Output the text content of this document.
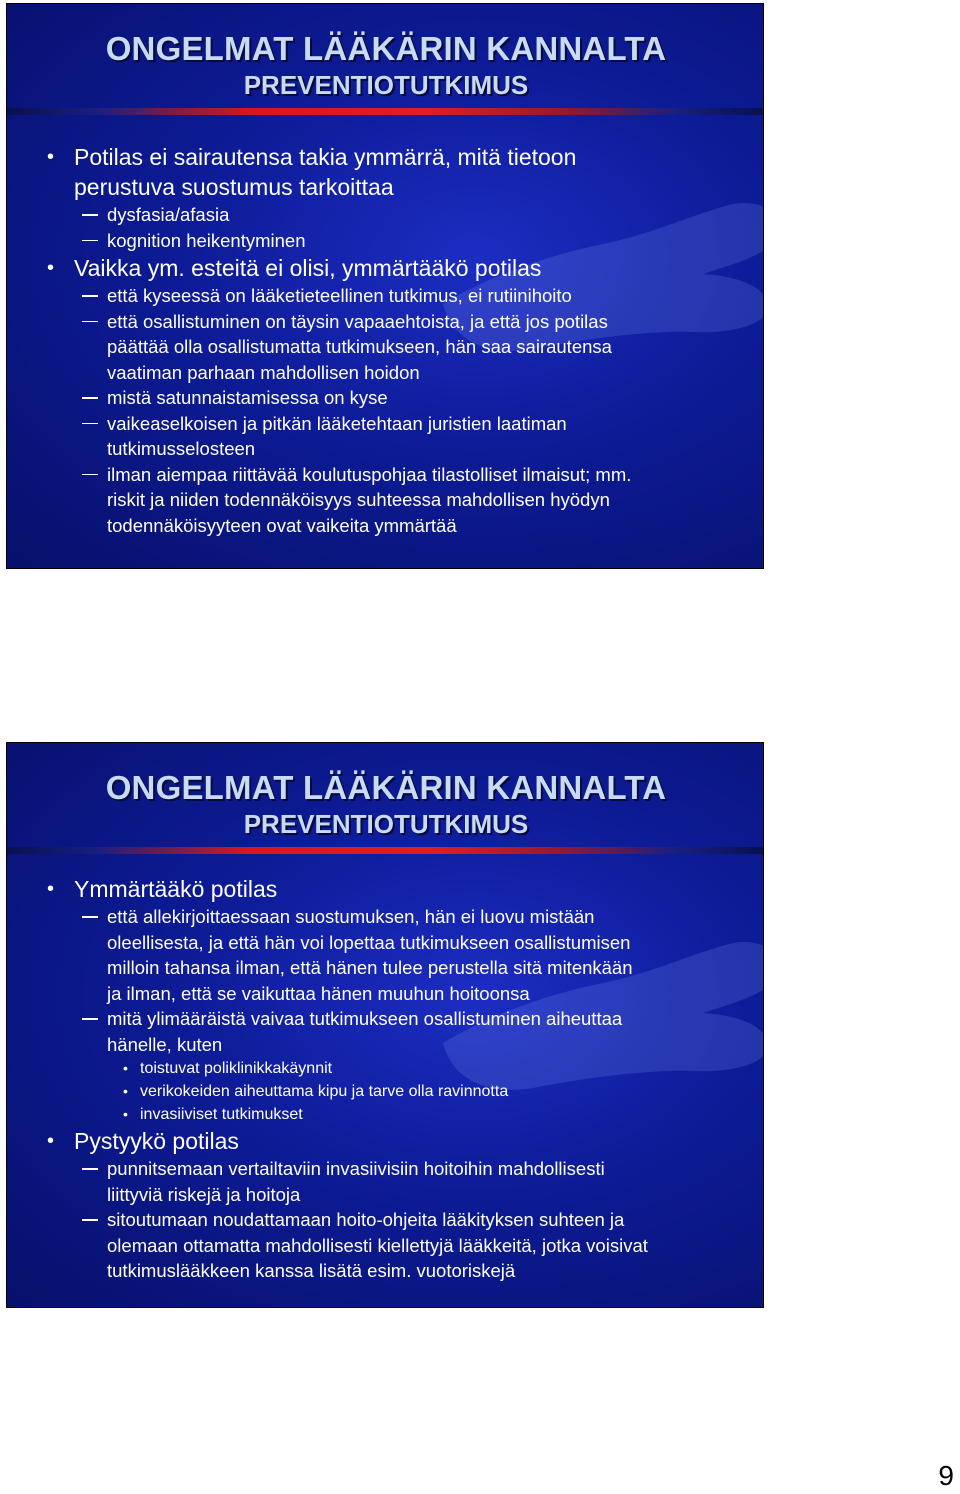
ONGELMAT LÄÄKÄRIN KANNALTA
PREVENTIOTUTKIMUS
• Potilas ei sairautensa takia ymmärrä, mitä tietoon
perustuva suostumus tarkoittaa
dysfasia/afasia
kognition heikentyminen
• Vaikka ym. esteitä ei olisi, ymmärtääkö potilas
että kyseessä on lääketieteellinen tutkimus, ei rutiinihoito
että osallistuminen on täysin vapaaehtoista, ja että jos potilas
päättää olla osallistumatta tutkimukseen, hän saa sairautensa
vaatiman parhaan mahdollisen hoidon
mistä satunnaistamisessa on kyse
vaikeaselkoisen ja pitkän lääketehtaan juristien laatiman
tutkimusselosteen
ilman aiempaa riittävää koulutuspohjaa tilastolliset ilmaisut; mm.
riskit ja niiden todennäköisyys suhteessa mahdollisen hyödyn
todennäköisyyteen ovat vaikeita ymmärtää
ONGELMAT LÄÄKÄRIN KANNALTA
PREVENTIOTUTKIMUS
• Ymmärtääkö potilas
että allekirjoittaessaan suostumuksen, hän ei luovu mistään
oleellisesta, ja että hän voi lopettaa tutkimukseen osallistumisen
milloin tahansa ilman, että hänen tulee perustella sitä mitenkään
ja ilman, että se vaikuttaa hänen muuhun hoitoonsa
mitä ylimääräistä vaivaa tutkimukseen osallistuminen aiheuttaa
hänelle, kuten
• toistuvat poliklinikkakäynnit
• verikokeiden aiheuttama kipu ja tarve olla ravinnotta
• invasiiviset tutkimukset
• Pystyykö potilas
punnitsemaan vertailtaviin invasiivisiin hoitoihin mahdollisesti
liittyviä riskejä ja hoitoja
sitoutumaan noudattamaan hoito-ohjeita lääkityksen suhteen ja
olemaan ottamatta mahdollisesti kiellettyjä lääkkeitä, jotka voisivat
tutkimuslääkkeen kanssa lisätä esim. vuotoriskejä
9
